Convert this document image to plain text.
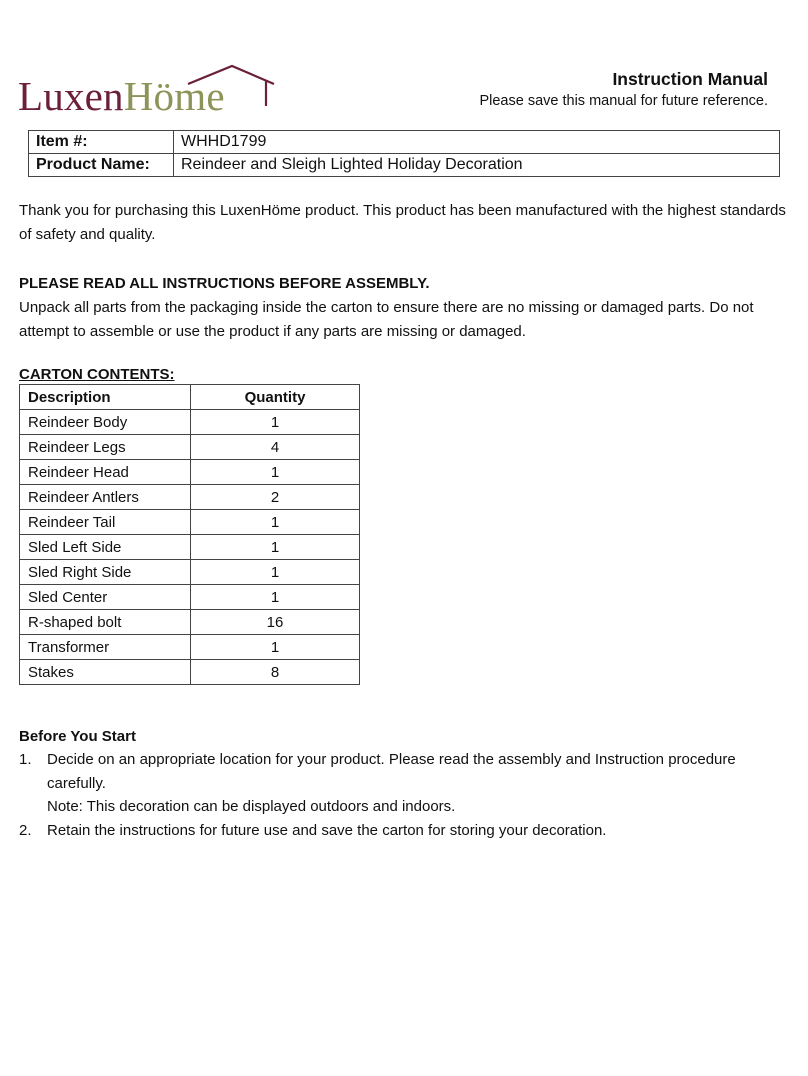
LuxenHöme	Instruction Manual
Please save this manual for future reference.
Item #:	WHHD1799
Product Name:	Reindeer and Sleigh Lighted Holiday Decoration
Thank you for purchasing this LuxenHöme product. This product has been manufactured with the highest standards of safety and quality.
PLEASE READ ALL INSTRUCTIONS BEFORE ASSEMBLY.
Unpack all parts from the packaging inside the carton to ensure there are no missing or damaged parts. Do not attempt to assemble or use the product if any parts are missing or damaged.
CARTON CONTENTS:
Description	Quantity
Reindeer Body	1
Reindeer Legs	4
Reindeer Head	1
Reindeer Antlers	2
Reindeer Tail	1
Sled Left Side	1
Sled Right Side	1
Sled Center	1
R-shaped bolt	16
Transformer	1
Stakes	8
Before You Start
1. Decide on an appropriate location for your product. Please read the assembly and Instruction procedure carefully.
Note: This decoration can be displayed outdoors and indoors.
2. Retain the instructions for future use and save the carton for storing your decoration.
